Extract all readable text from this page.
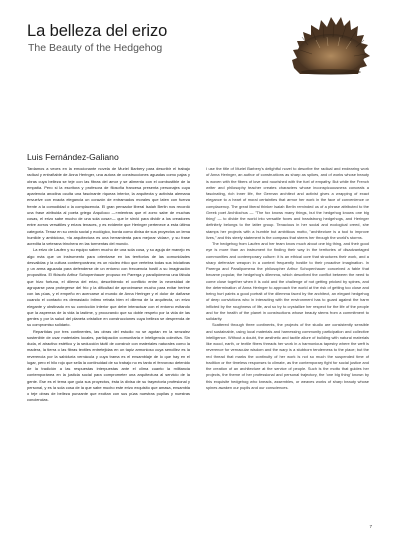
La belleza del erizo
The Beauty of the Hedgehog
Luis Fernández-Galiano

Tardamos a veces en la emocionante novela de Muriel Barbery para describir el trabajo radical y entrañable de Anna Heringer, una autora de construcciones aguadas como pajas y obras cuya belleza se teje con las fibras del amor y se alimenta con el combustible de la empatía. Pero si la escritora y profesora de filosofía francesa presenta personajes cuya apariencia anodina oculta una fascinante riqueza interior, la arquitecta y activista alemana envuelve con exacta elegancia un corazón de entramados morales que laten con fuerza frente a la comodidad o la complacencia. El gran pensador liberal Isaiah Berlin nos recordó una frase atribuida al poeta griego Arquíloco —«mientras que el zorro sabe de muchas cosas, el erizo sabe mucho de una sola cosa»— que le sirvió para dividir a los creadores entre zorros versátiles y erizos tenaces, y es evidente que Heringer pertenece a esta última categoría. Tenaz en su credo social y ecológico, borda como divisa de sus proyectos un lema humilde y ambicioso, «la arquitectura es una herramienta para mejorar vidas», y su frase acredita la veterana trinchera en las tormentas del mundo.

La erizo de Laufen y su equipo saben mucho de una sola cosa, y su aguja de manejo es algo más que un instrumento para orientarse en los territorios de las comunidades desvalidas y la cultura contemporánea; es un núcleo ético que vertebra todas sus iniciativas y un arma aguzada para defenderse de un entorno con frecuencia hostil a su imaginación propositiva. El filósofo Arthur Schopenhauer propuso en Parerga y paralipómena una fábula que hizo fortuna, el dilema del erizo, describiendo el conflicto entre la necesidad de agruparse para protegerse del frío y la dificultad de aproximarse mucho para evitar herirse con las púas, y el empeño en acercarse al mundo de Anna Heringer y el dolor de dañarse cuando el contacto es demasiado íntimo retrata bien el dilema de la arquitecta, un erizo elegante y obstinado en su convicción interior que debe interactuar con el entorno evitando que la aspereza de la vida la lastime, y procurando que su doble respeto por la vida de las gentes y por la salud del planeta cristalice en construcciones cuya belleza se desprenda de su compromiso solidario.

Repartidas por tres continentes, las obras del estudio no se agotan en la senzalez sostenible de usar materiales locales, participación comunitaria e inteligencia colectiva. Sin duda, el atractivo estético y la seducción táctil de construir con materiales naturales como la madera, la tierra o las fibras textiles entretejidas en un tapiz armonioso cuya sencillez es la reverencia por la sabiduría vernácula y cuya trama es el ensamblaje de lo que hay en el lugar, pero el hilo rojo que sella la continuidad de su trabajo no es tanto el fervoroso detenido de la tradición a las respuestas interpuestas ante el clima cuanto la militancia contemporánea en la justicia social para comprometer una arquitectura al servicio de la gente. Ese es el tema que guía sus proyectos, ésta la divisa de su trayectoria profesional y personal, y es la sola cosa de la que sabe mucho este erizo exquisito que amasa, ensambla o teje obras de belleza punzante que excitan con sus púas nuestras pupilas y nuestras conciencias.

I use the title of Muriel Barbery's delightful novel to describe the radical and endearing work of Anna Heringer, an author of constructions as sharp as spikes, and of works whose beauty is woven with the fibers of love and nourished with the fuel of empathy. But while the French writer and philosophy teacher creates characters whose inconspicuousness conceals a fascinating, rich inner life, the German architect and activist gives a wrapping of exact elegance to a heart of moral certainties that armor her work in the face of convenience or complacency. The great liberal thinker Isaiah Berlin reminded us of a phrase attributed to the Greek poet Archilochus — "The fox knows many things, but the hedgehog knows one big thing" — to divide the world into versatile foxes and headstrong hedgehogs, and Heringer definitely belongs to the latter group. Tenacious in her social and ecological creed, she stamps her projects with a humble but ambitious motto, "architecture is a tool to improve lives," and this steely statement is the compass that steers her through the world's storms.

The hedgehog from Laufen and her team know much about one big thing, and their good eye is more than an instrument for finding their way in the territories of disadvantaged communities and contemporary culture: it is an ethical core that structures their work, and a sharp defensive weapon in a context frequently hostile to their proactive imagination. In Parerga and Paralipomena the philosopher Arthur Schopenhauer conceived a fable that became popular, the hedgehog's dilemma, which described the conflict between the need to come close together when it is cold and the challenge of not getting pricked by spines, and the determination of Anna Heringer to approach the world at the risk of getting too close and being hurt paints a good portrait of the dilemma faced by the architect, an elegant hedgehog of deep convictions who in interacting with the environment has to guard against the harm inflicted by the roughness of life, and so try to crystallize her respect for the life of the people and for the health of the planet in constructions whose beauty stems from a commitment to solidarity.

Scattered through three continents, the projects of the studio are consistently sensible and sustainable, using local materials and harnessing community participation and collective intelligence. Without a doubt, the aesthetic and tactile allure of building with natural materials like wood, earth, or textile fibers threads her work in a harmonious tapestry where the weft is reverence for vernacular wisdom and the warp is a stubborn tenderness to the place; but the red thread that marks the continuity of her work is not so much the suspended time of tradition or the timeless responses to climate, as the contemporary fight for social justice and the creation of an architecture at the service of people. Such is the motto that guides her projects, the theme of her professional and personal trajectory, the 'one big thing' known by this exquisite hedgehog who kneads, assembles, or weaves works of sharp beauty whose spines awaken our pupils and our consciences.

7
